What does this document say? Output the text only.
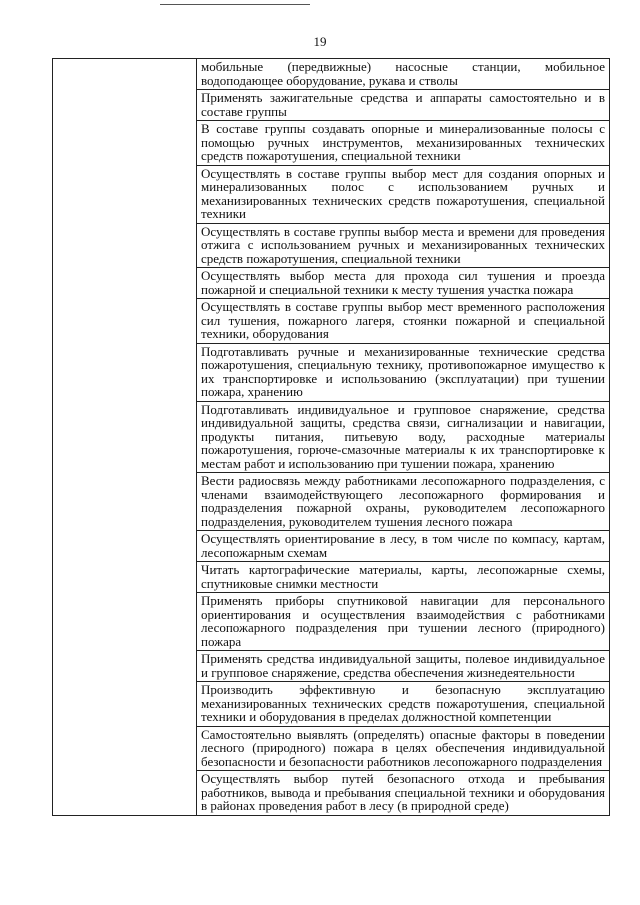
19

мобильные (передвижные) насосные станции, мобильное водоподающее оборудование, рукава и стволы

Применять зажигательные средства и аппараты самостоятельно и в составе группы

В составе группы создавать опорные и минерализованные полосы с помощью ручных инструментов, механизированных технических средств пожаротушения, специальной техники

Осуществлять в составе группы выбор мест для создания опорных и минерализованных полос с использованием ручных и механизированных технических средств пожаротушения, специальной техники

Осуществлять в составе группы выбор места и времени для проведения отжига с использованием ручных и механизированных технических средств пожаротушения, специальной техники

Осуществлять выбор места для прохода сил тушения и проезда пожарной и специальной техники к месту тушения участка пожара

Осуществлять в составе группы выбор мест временного расположения сил тушения, пожарного лагеря, стоянки пожарной и специальной техники, оборудования

Подготавливать ручные и механизированные технические средства пожаротушения, специальную технику, противопожарное имущество к их транспортировке и использованию (эксплуатации) при тушении пожара, хранению

Подготавливать индивидуальное и групповое снаряжение, средства индивидуальной защиты, средства связи, сигнализации и навигации, продукты питания, питьевую воду, расходные материалы пожаротушения, горюче-смазочные материалы к их транспортировке к местам работ и использованию при тушении пожара, хранению

Вести радиосвязь между работниками лесопожарного подразделения, с членами взаимодействующего лесопожарного формирования и подразделения пожарной охраны, руководителем лесопожарного подразделения, руководителем тушения лесного пожара

Осуществлять ориентирование в лесу, в том числе по компасу, картам, лесопожарным схемам

Читать картографические материалы, карты, лесопожарные схемы, спутниковые снимки местности

Применять приборы спутниковой навигации для персонального ориентирования и осуществления взаимодействия с работниками лесопожарного подразделения при тушении лесного (природного) пожара

Применять средства индивидуальной защиты, полевое индивидуальное и групповое снаряжение, средства обеспечения жизнедеятельности

Производить эффективную и безопасную эксплуатацию механизированных технических средств пожаротушения, специальной техники и оборудования в пределах должностной компетенции

Самостоятельно выявлять (определять) опасные факторы в поведении лесного (природного) пожара в целях обеспечения индивидуальной безопасности и безопасности работников лесопожарного подразделения

Осуществлять выбор путей безопасного отхода и пребывания работников, вывода и пребывания специальной техники и оборудования в районах проведения работ в лесу (в природной среде)
